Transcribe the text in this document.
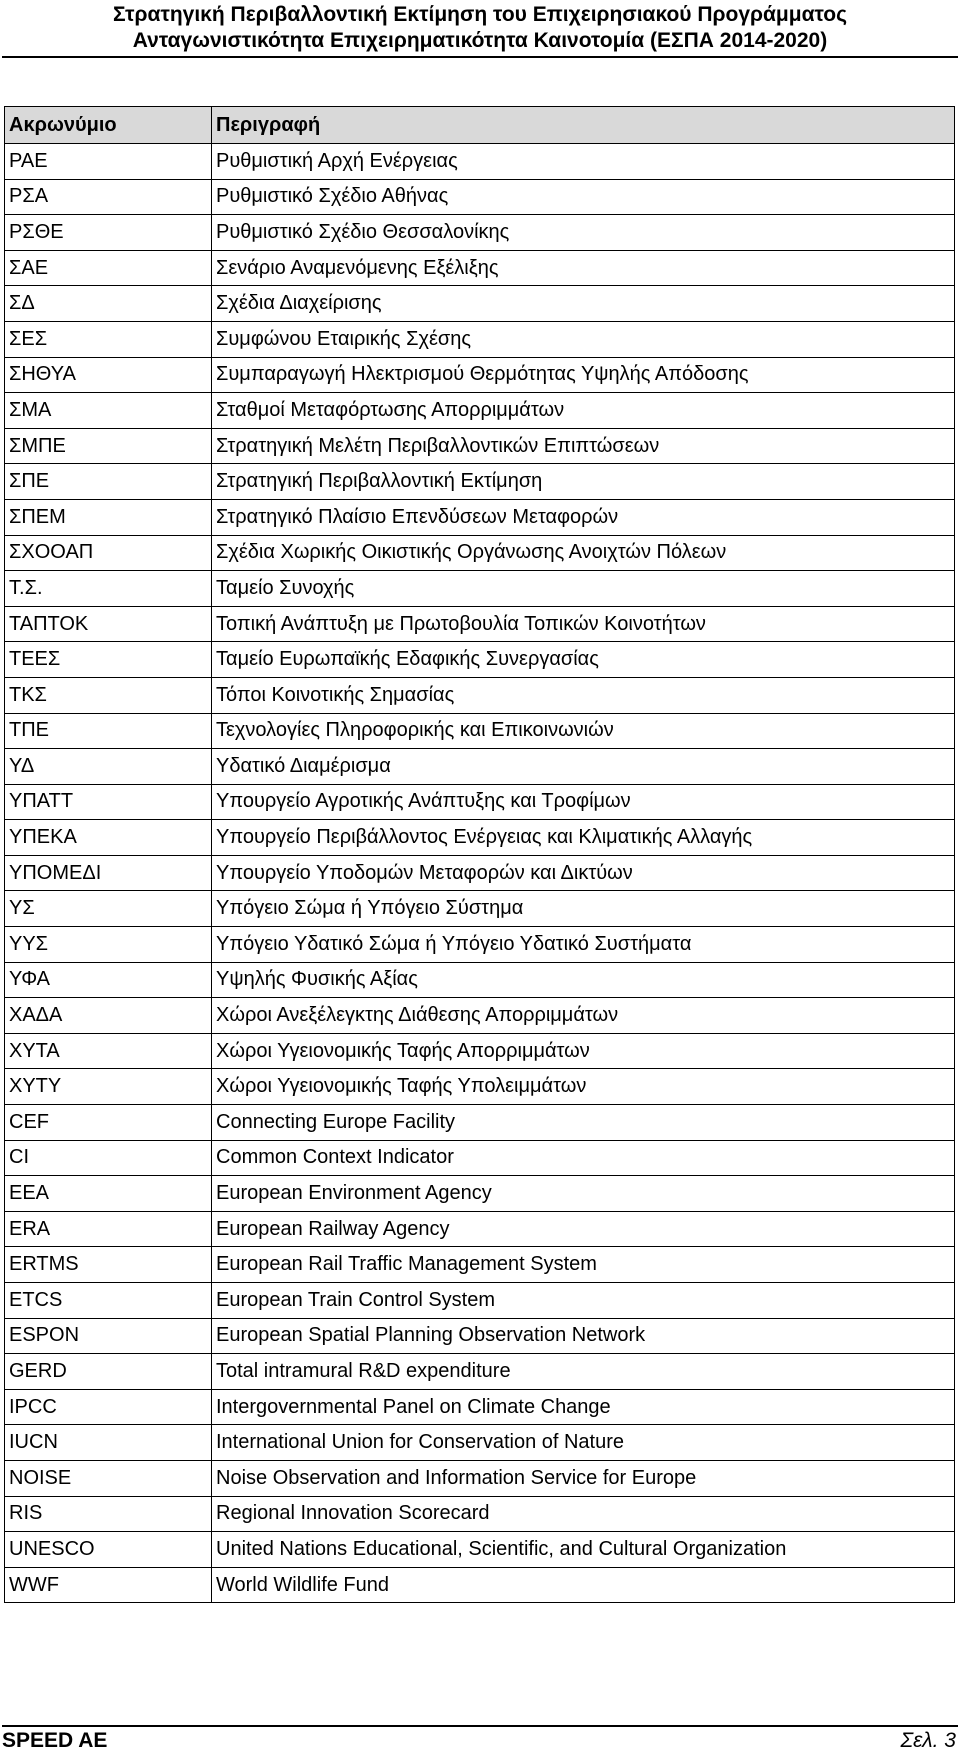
Στρατηγική Περιβαλλοντική Εκτίμηση του Επιχειρησιακού Προγράμματος
Ανταγωνιστικότητα Επιχειρηματικότητα Καινοτομία (ΕΣΠΑ 2014-2020)
Ακρωνύμιο	Περιγραφή
ΡΑΕ	Ρυθμιστική Αρχή Ενέργειας
ΡΣΑ	Ρυθμιστικό Σχέδιο Αθήνας
ΡΣΘΕ	Ρυθμιστικό Σχέδιο Θεσσαλονίκης
ΣΑΕ	Σενάριο Αναμενόμενης Εξέλιξης
ΣΔ	Σχέδια Διαχείρισης
ΣΕΣ	Συμφώνου Εταιρικής Σχέσης
ΣΗΘΥΑ	Συμπαραγωγή Ηλεκτρισμού Θερμότητας Υψηλής Απόδοσης
ΣΜΑ	Σταθμοί Μεταφόρτωσης Απορριμμάτων
ΣΜΠΕ	Στρατηγική Μελέτη Περιβαλλοντικών Επιπτώσεων
ΣΠΕ	Στρατηγική Περιβαλλοντική Εκτίμηση
ΣΠΕΜ	Στρατηγικό Πλαίσιο Επενδύσεων Μεταφορών
ΣΧΟΟΑΠ	Σχέδια Χωρικής Οικιστικής Οργάνωσης Ανοιχτών Πόλεων
Τ.Σ.	Ταμείο Συνοχής
ΤΑΠΤΟΚ	Τοπική Ανάπτυξη με Πρωτοβουλία Τοπικών Κοινοτήτων
ΤΕΕΣ	Ταμείο Ευρωπαϊκής Εδαφικής Συνεργασίας
ΤΚΣ	Τόποι Κοινοτικής Σημασίας
ΤΠΕ	Τεχνολογίες Πληροφορικής και Επικοινωνιών
ΥΔ	Υδατικό Διαμέρισμα
ΥΠΑΤΤ	Υπουργείο Αγροτικής Ανάπτυξης και Τροφίμων
ΥΠΕΚΑ	Υπουργείο Περιβάλλοντος Ενέργειας και Κλιματικής Αλλαγής
ΥΠΟΜΕΔΙ	Υπουργείο Υποδομών Μεταφορών και Δικτύων
ΥΣ	Υπόγειο Σώμα ή Υπόγειο Σύστημα
ΥΥΣ	Υπόγειο Υδατικό Σώμα ή Υπόγειο Υδατικό Συστήματα
ΥΦΑ	Υψηλής Φυσικής Αξίας
ΧΑΔΑ	Χώροι Ανεξέλεγκτης Διάθεσης Απορριμμάτων
ΧΥΤΑ	Χώροι Υγειονομικής Ταφής Απορριμμάτων
ΧΥΤΥ	Χώροι Υγειονομικής Ταφής Υπολειμμάτων
CEF	Connecting Europe Facility
CI	Common Context Indicator
EEA	European Environment Agency
ERA	European Railway Agency
ERTMS	European Rail Traffic Management System
ETCS	European Train Control System
ESPON	European Spatial Planning Observation Network
GERD	Total intramural R&D expenditure
IPCC	Intergovernmental Panel on Climate Change
IUCN	International Union for Conservation of Nature
NOISE	Noise Observation and Information Service for Europe
RIS	Regional Innovation Scorecard
UNESCO	United Nations Educational, Scientific, and Cultural Organization
WWF	World Wildlife Fund
SPEED AE	Σελ. 3
